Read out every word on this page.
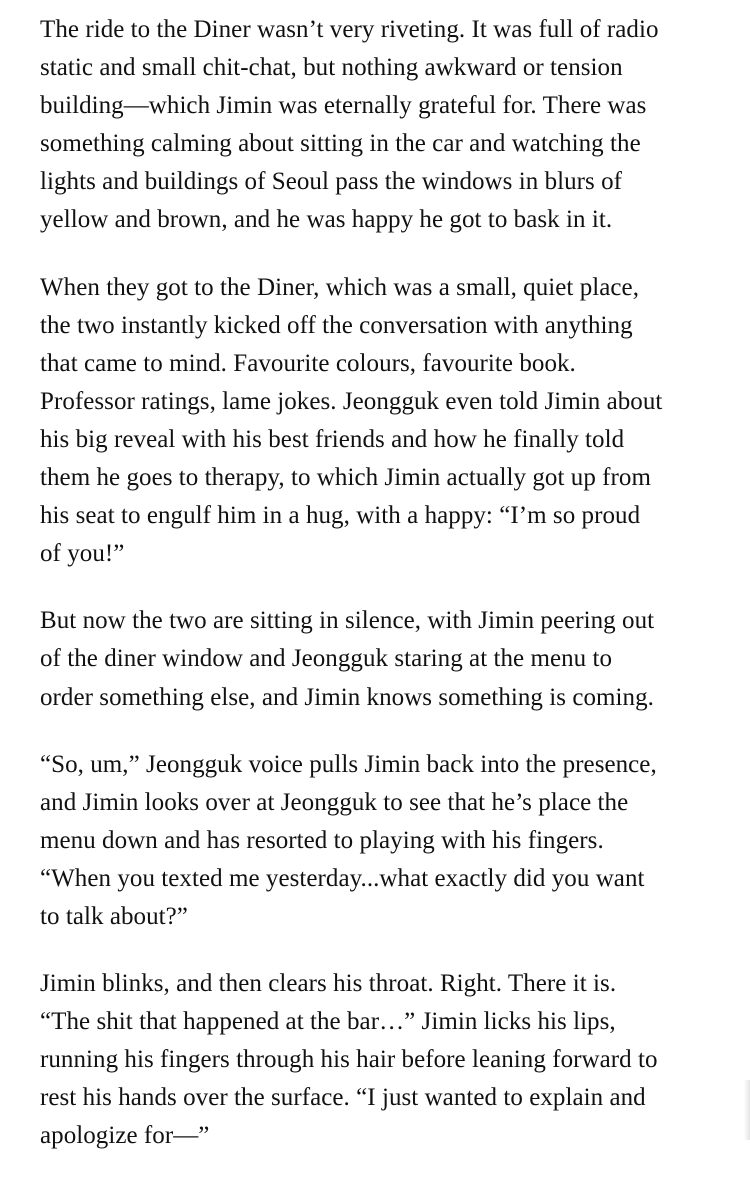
The ride to the Diner wasn’t very riveting. It was full of radio
static and small chit-chat, but nothing awkward or tension
building—which Jimin was eternally grateful for. There was
something calming about sitting in the car and watching the
lights and buildings of Seoul pass the windows in blurs of
yellow and brown, and he was happy he got to bask in it.

When they got to the Diner, which was a small, quiet place,
the two instantly kicked off the conversation with anything
that came to mind. Favourite colours, favourite book.
Professor ratings, lame jokes. Jeongguk even told Jimin about
his big reveal with his best friends and how he finally told
them he goes to therapy, to which Jimin actually got up from
his seat to engulf him in a hug, with a happy: “I’m so proud
of you!”

But now the two are sitting in silence, with Jimin peering out
of the diner window and Jeongguk staring at the menu to
order something else, and Jimin knows something is coming.

“So, um,” Jeongguk voice pulls Jimin back into the presence,
and Jimin looks over at Jeongguk to see that he’s place the
menu down and has resorted to playing with his fingers.
“When you texted me yesterday...what exactly did you want
to talk about?”

Jimin blinks, and then clears his throat. Right. There it is.
“The shit that happened at the bar…” Jimin licks his lips,
running his fingers through his hair before leaning forward to
rest his hands over the surface. “I just wanted to explain and
apologize for—”
